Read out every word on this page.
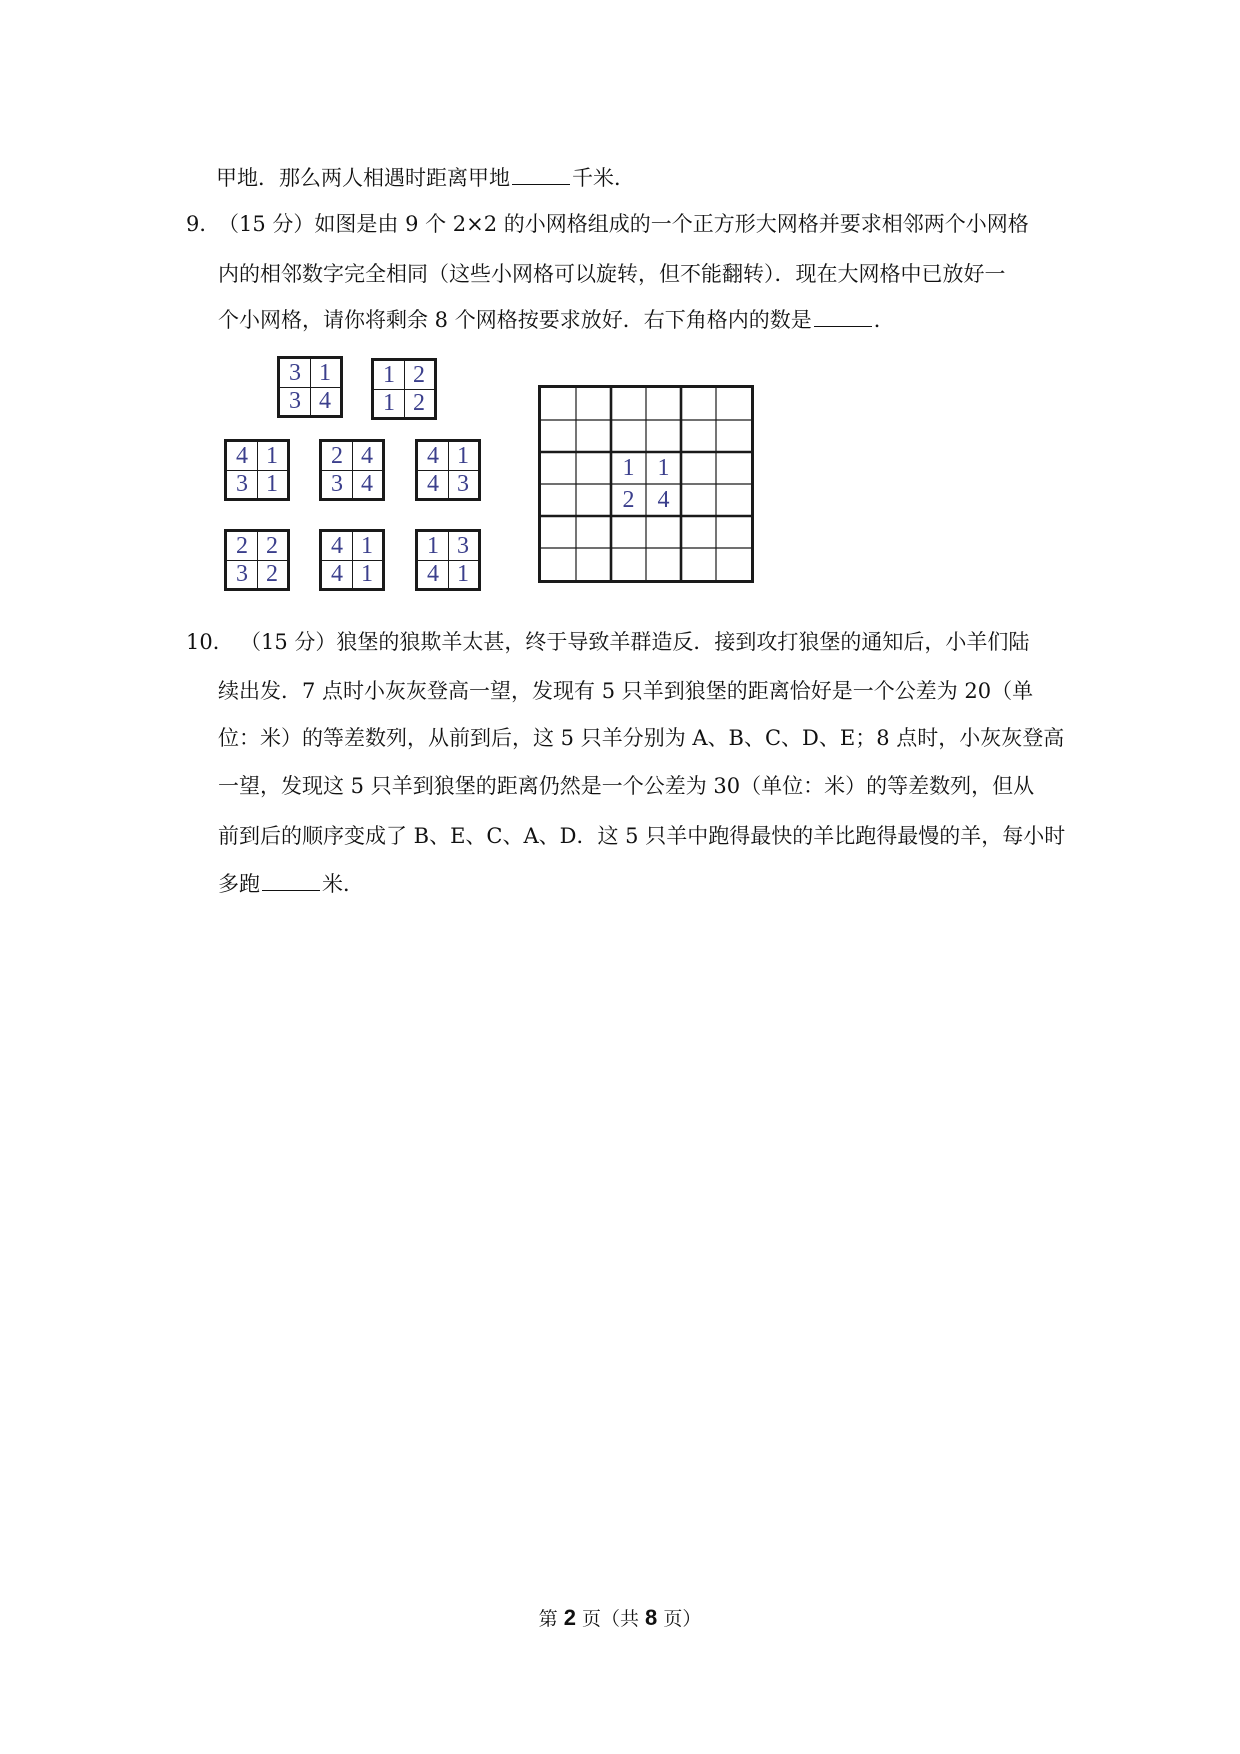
甲地．那么两人相遇时距离甲地	千米．
9．
（15 分）如图是由 9 个 2×2 的小网格组成的一个正方形大网格并要求相邻两个小网格
内的相邻数字完全相同（这些小网格可以旋转，但不能翻转）．现在大网格中已放好一
个小网格，请你将剩余 8 个网格按要求放好．右下角格内的数是	．
3 1
3 4
1 2
1 2
4 1
3 1
2 4
3 4
4 1
4 3
2 2
3 2
4 1
4 1
1 3
4 1
1 1
2 4
10． （15 分）狼堡的狼欺羊太甚，终于导致羊群造反．接到攻打狼堡的通知后，小羊们陆
续出发．7 点时小灰灰登高一望，发现有 5 只羊到狼堡的距离恰好是一个公差为 20（单
位：米）的等差数列，从前到后，这 5 只羊分别为 A、B、C、D、E；8 点时，小灰灰登高
一望，发现这 5 只羊到狼堡的距离仍然是一个公差为 30（单位：米）的等差数列，但从
前到后的顺序变成了 B、E、C、A、D．这 5 只羊中跑得最快的羊比跑得最慢的羊，每小时
多跑	米．
第 2 页（共 8 页）
